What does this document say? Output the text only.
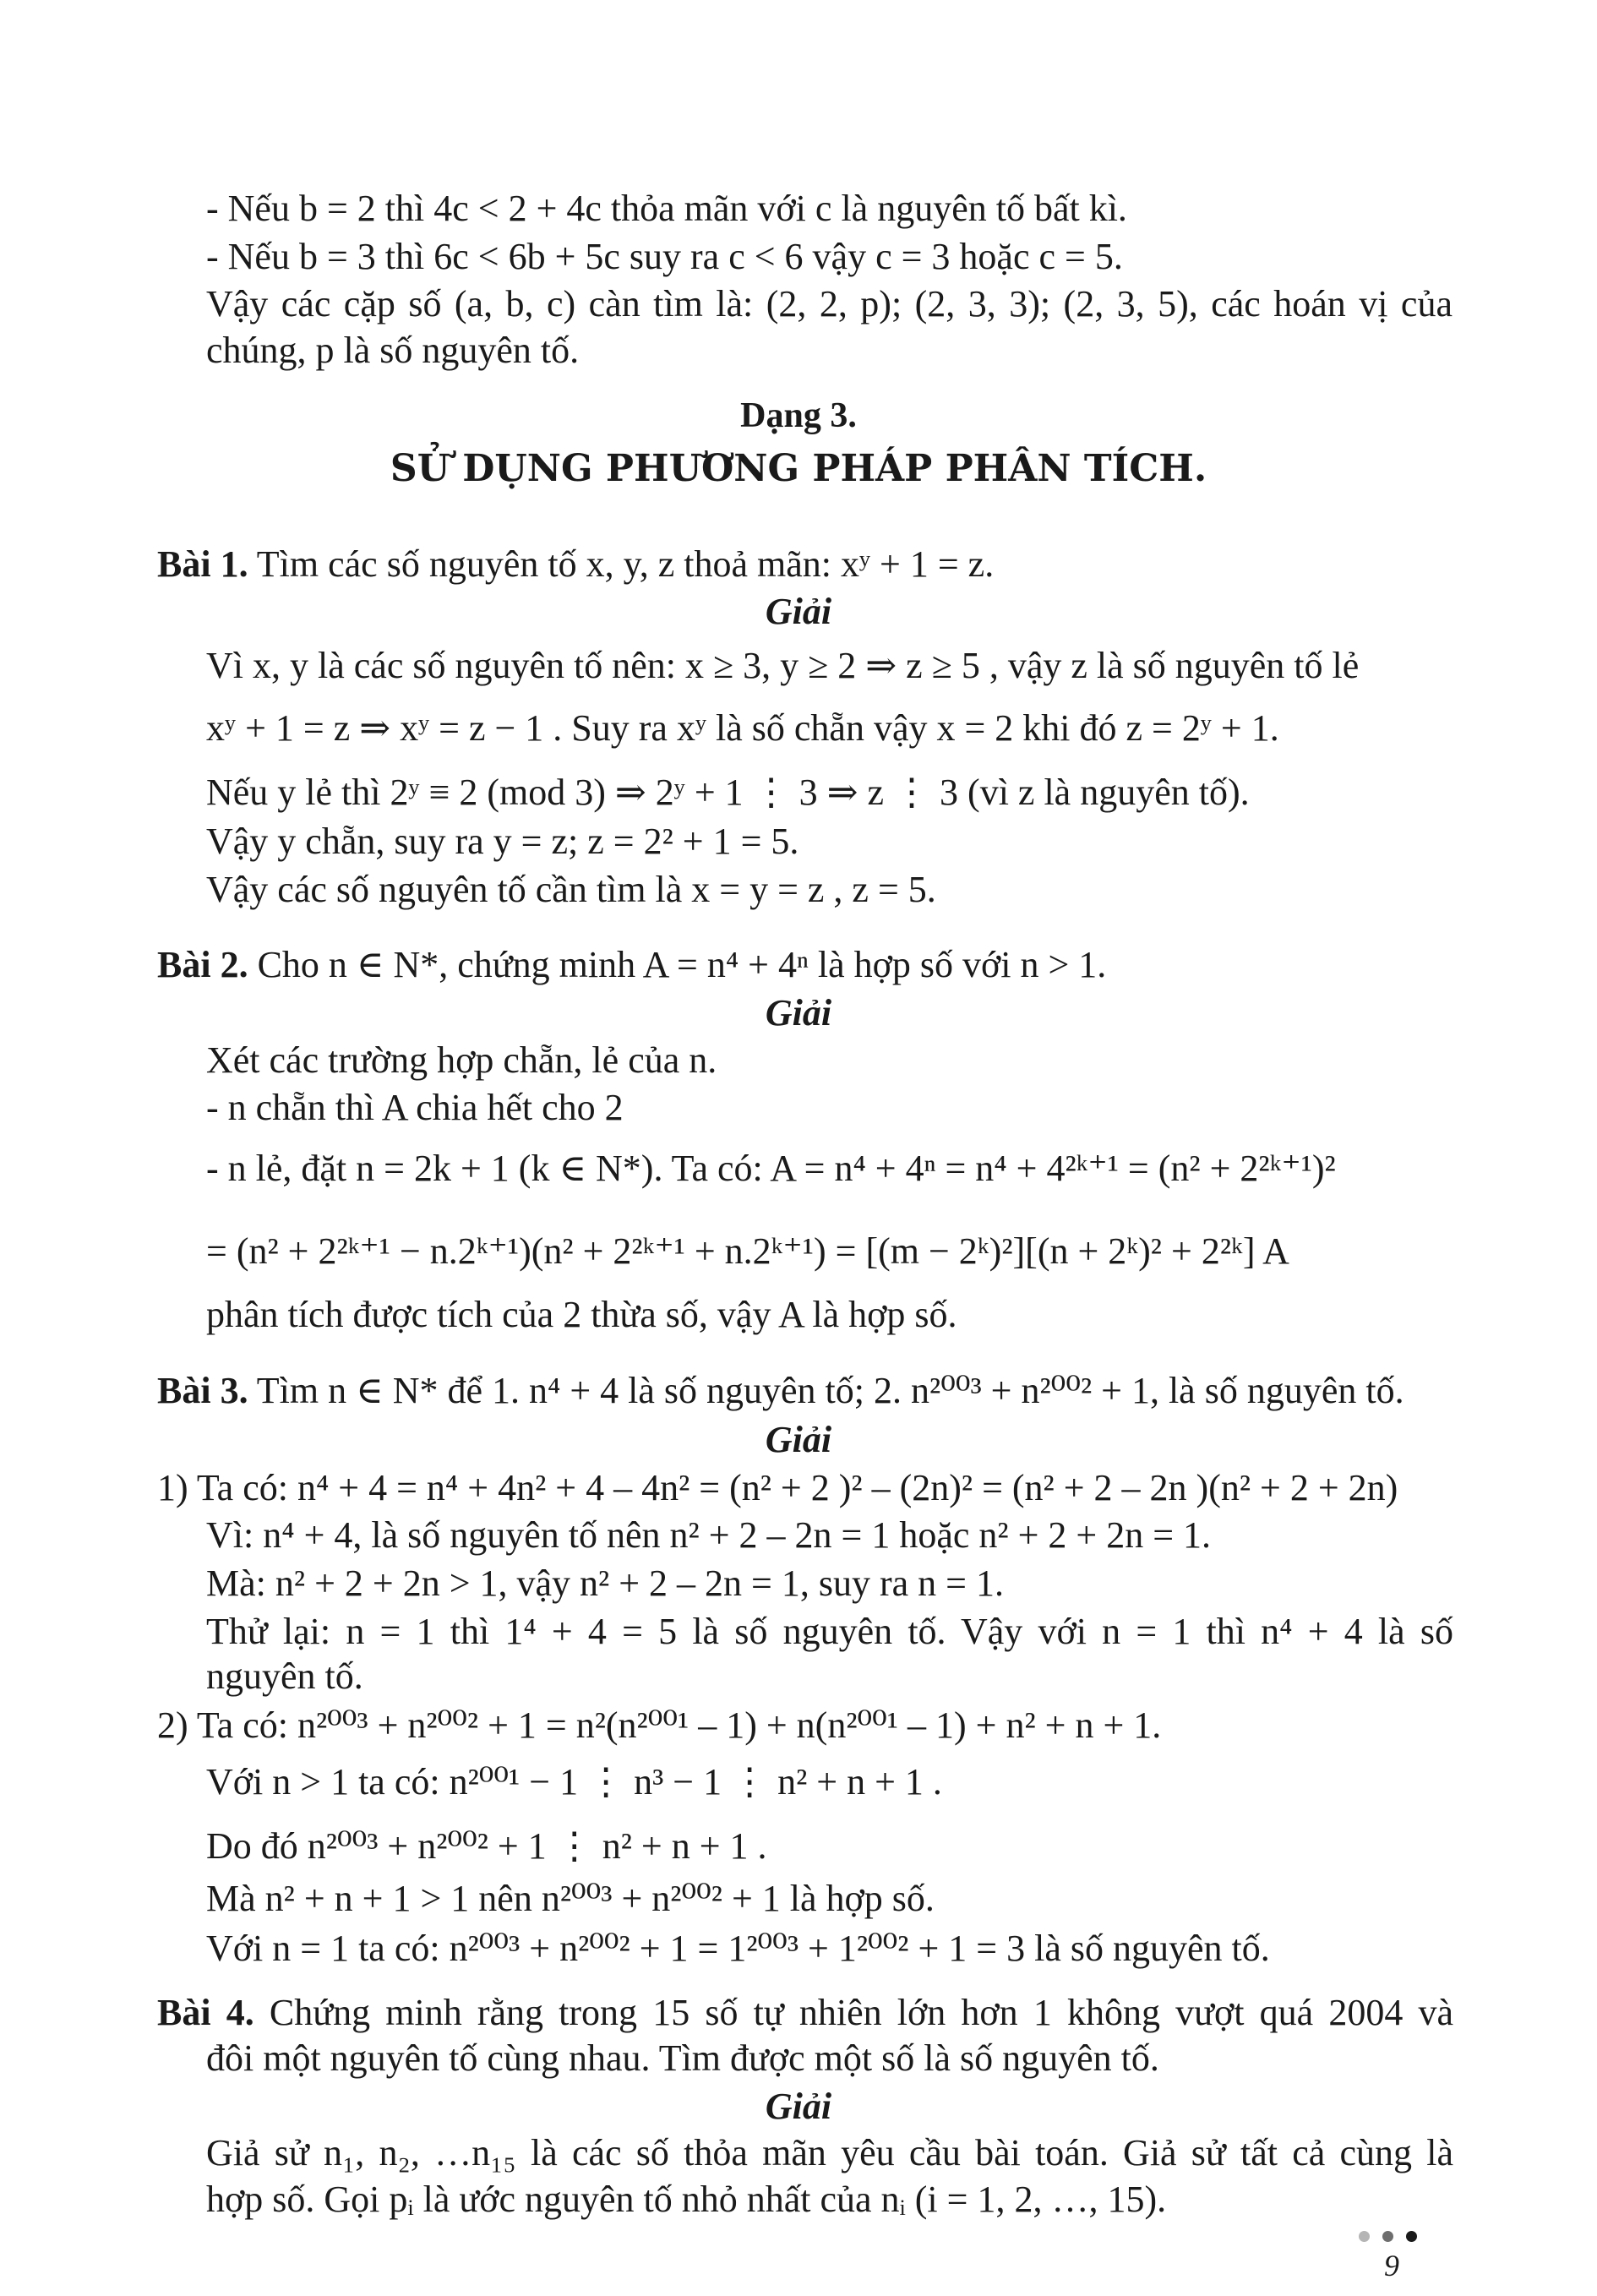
- Nếu b = 2 thì 4c < 2 + 4c thỏa mãn với c là nguyên tố bất kì.
- Nếu b = 3 thì 6c < 6b + 5c suy ra c < 6 vậy c = 3 hoặc c = 5.
Vậy các cặp số (a, b, c) càn tìm là: (2, 2, p); (2, 3, 3); (2, 3, 5), các hoán vị của
chúng, p là số nguyên tố.
Dạng 3.
SỬ DỤNG PHƯƠNG PHÁP PHÂN TÍCH.
Bài 1. Tìm các số nguyên tố x, y, z thoả mãn: xʸ + 1 = z.
Giải
Vì x, y là các số nguyên tố nên: x ≥ 3, y ≥ 2 ⇒ z ≥ 5 , vậy z là số nguyên tố lẻ
xʸ + 1 = z ⇒ xʸ = z − 1 . Suy ra xʸ là số chẵn vậy x = 2 khi đó z = 2ʸ + 1.
Nếu y lẻ thì 2ʸ ≡ 2 (mod 3) ⇒ 2ʸ + 1 ⋮ 3 ⇒ z ⋮ 3 (vì z là nguyên tố).
Vậy y chẵn, suy ra y = z; z = 2² + 1 = 5.
Vậy các số nguyên tố cần tìm là x = y = z , z = 5.
Bài 2. Cho n ∈ N*, chứng minh A = n⁴ + 4ⁿ là hợp số với n > 1.
Giải
Xét các trường hợp chẵn, lẻ của n.
- n chẵn thì A chia hết cho 2
- n lẻ, đặt n = 2k + 1 (k ∈ N*). Ta có: A = n⁴ + 4ⁿ = n⁴ + 4²ᵏ⁺¹ = (n² + 2²ᵏ⁺¹)²
= (n² + 2²ᵏ⁺¹ − n.2ᵏ⁺¹)(n² + 2²ᵏ⁺¹ + n.2ᵏ⁺¹) = [(m − 2ᵏ)²][(n + 2ᵏ)² + 2²ᵏ] A
phân tích được tích của 2 thừa số, vậy A là hợp số.
Bài 3. Tìm n ∈ N* để 1. n⁴ + 4 là số nguyên tố; 2. n²⁰⁰³ + n²⁰⁰² + 1, là số nguyên tố.
Giải
1) Ta có: n⁴ + 4 = n⁴ + 4n² + 4 – 4n² = (n² + 2 )² – (2n)² = (n² + 2 – 2n )(n² + 2 + 2n)
Vì: n⁴ + 4, là số nguyên tố nên n² + 2 – 2n = 1 hoặc n² + 2 + 2n = 1.
Mà: n² + 2 + 2n > 1, vậy n² + 2 – 2n = 1, suy ra n = 1.
Thử lại: n = 1 thì 1⁴ + 4 = 5 là số nguyên tố. Vậy với n = 1 thì n⁴ + 4 là số
nguyên tố.
2) Ta có: n²⁰⁰³ + n²⁰⁰² + 1 = n²(n²⁰⁰¹ – 1) + n(n²⁰⁰¹ – 1) + n² + n + 1.
Với n > 1 ta có: n²⁰⁰¹ − 1 ⋮ n³ − 1 ⋮ n² + n + 1 .
Do đó n²⁰⁰³ + n²⁰⁰² + 1 ⋮ n² + n + 1 .
Mà n² + n + 1 > 1 nên n²⁰⁰³ + n²⁰⁰² + 1 là hợp số.
Với n = 1 ta có: n²⁰⁰³ + n²⁰⁰² + 1 = 1²⁰⁰³ + 1²⁰⁰² + 1 = 3 là số nguyên tố.
Bài 4. Chứng minh rằng trong 15 số tự nhiên lớn hơn 1 không vượt quá 2004 và
đôi một nguyên tố cùng nhau. Tìm được một số là số nguyên tố.
Giải
Giả sử n₁, n₂, …n₁₅ là các số thỏa mãn yêu cầu bài toán. Giả sử tất cả cùng là
hợp số. Gọi pᵢ là ước nguyên tố nhỏ nhất của nᵢ (i = 1, 2, …, 15).
9
